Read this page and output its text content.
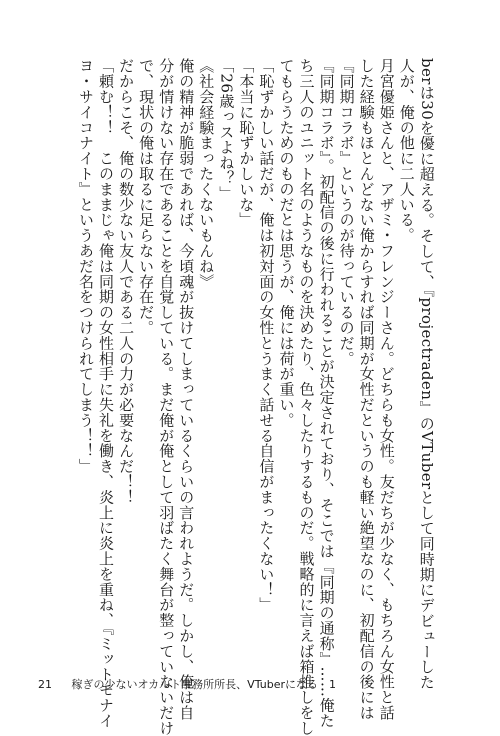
berは30を優に超える。そして、『projectraden』のVTuberとして同時期にデビューした
人が、俺の他に二人いる。
月宮優姫さんと、アザミ・フレンジーさん。どちらも女性。友だちが少なく、もちろん女性と話
した経験もほとんどない俺からすれば同期が女性だというのも軽い絶望なのに、初配信の後には
『同期コラボ』というのが待っているのだ。
『同期コラボ』。初配信の後に行われることが決定されており、そこでは『同期の通称』……俺た
ち三人のユニット名のようなものを決めたり、色々したりするものだ。戦略的に言えば箱推しをし
てもらうためのものだとは思うが、俺には荷が重い。
「恥ずかしい話だが、俺は初対面の女性とうまく話せる自信がまったくない！」
「本当に恥ずかしいな」
「26歳っスよね？」
《社会経験まったくないもんね》
俺の精神が脆弱であれば、今頃魂が抜けてしまっているくらいの言われようだ。しかし、俺は自
分が情けない存在であることを自覚している。まだ俺が俺として羽ばたく舞台が整っていないだけ
で、現状の俺は取るに足らない存在だ。
だからこそ、俺の数少ない友人である二人の力が必要なんだ！！
「頼む！！　このままじゃ俺は同期の女性相手に失礼を働き、炎上に炎上を重ね、『ミットモナイ
ヨ・サイコナイト』というあだ名をつけられてしまう！！」
21 稼ぎの少ないオカルト事務所所長、VTuberになる　1
